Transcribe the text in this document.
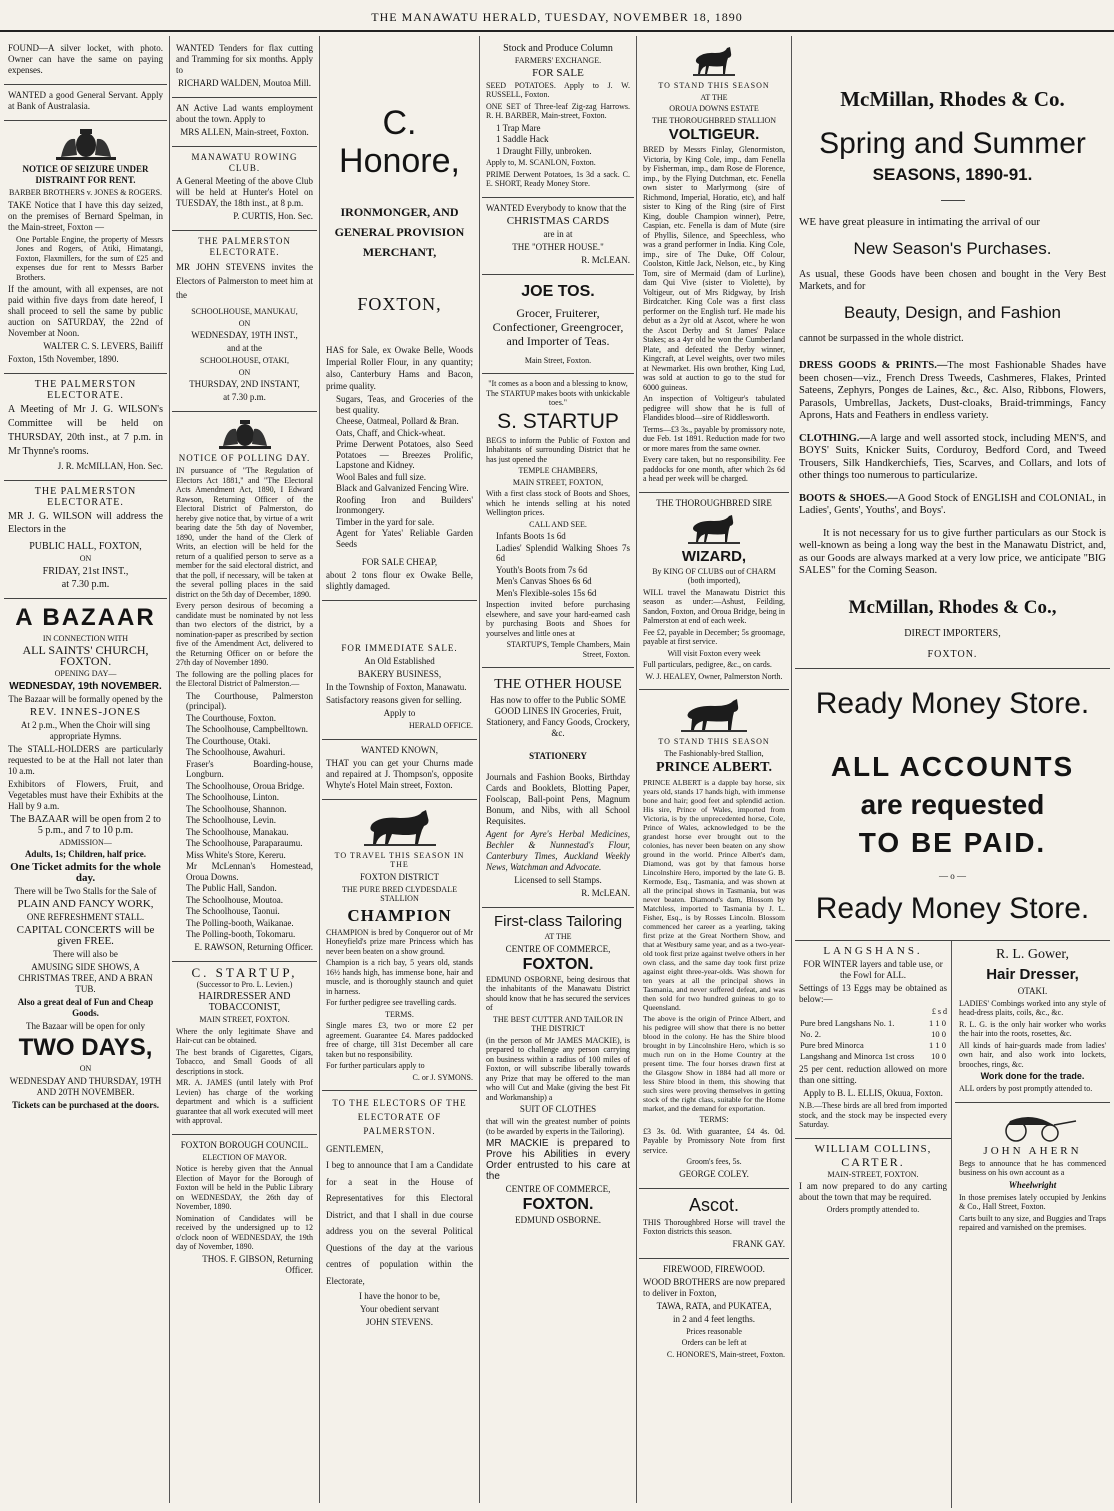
THE MANAWATU HERALD, TUESDAY, NOVEMBER 18, 1890

FOUND—A silver locket, with photo. Owner can have the same on paying expenses.

WANTED a good General Servant. Apply at Bank of Australasia.

NOTICE OF SEIZURE UNDER DISTRAINT FOR RENT.

BARBER BROTHERS v. JONES & ROGERS.

TAKE Notice that I have this day seized, on the premises of Bernard Spelman, in the Main-street, Foxton —

One Portable Engine, the property of Messrs Jones and Rogers, of Atiki, Himatangi, Foxton, Flaxmillers, for the sum of £25 and expenses due for rent to Messrs Barber Brothers.

If the amount, with all expenses, are not paid within five days from date hereof, I shall proceed to sell the same by public auction on SATURDAY, the 22nd of November at Noon.

WALTER C. S. LEVERS, Bailiff

Foxton, 15th November, 1890.

THE PALMERSTON ELECTORATE.

A Meeting of Mr J. G. WILSON's Committee will be held on THURSDAY, 20th inst., at 7 p.m. in Mr Thynne's rooms.

J. R. McMILLAN, Hon. Sec.

THE PALMERSTON ELECTORATE.

MR J. G. WILSON will address the Electors in the

PUBLIC HALL, FOXTON,

ON

FRIDAY, 21st INST.,

at 7.30 p.m.

A BAZAAR

IN CONNECTION WITH

ALL SAINTS' CHURCH, FOXTON.

OPENING DAY—

WEDNESDAY, 19th NOVEMBER.

The Bazaar will be formally opened by the

REV. INNES-JONES

At 2 p.m., When the Choir will sing appropriate Hymns.

The STALL-HOLDERS are particularly requested to be at the Hall not later than 10 a.m.

Exhibitors of Flowers, Fruit, and Vegetables must have their Exhibits at the Hall by 9 a.m.

The BAZAAR will be open from 2 to 5 p.m., and 7 to 10 p.m.

ADMISSION—

Adults, 1s; Children, half price.

One Ticket admits for the whole day.

There will be Two Stalls for the Sale of

PLAIN AND FANCY WORK,

ONE REFRESHMENT STALL.

CAPITAL CONCERTS will be given FREE.

There will also be

AMUSING SIDE SHOWS, A CHRISTMAS TREE, AND A BRAN TUB.

Also a great deal of Fun and Cheap Goods.

The Bazaar will be open for only

TWO DAYS,

ON

WEDNESDAY AND THURSDAY, 19TH AND 20TH NOVEMBER.

Tickets can be purchased at the doors.

WANTED Tenders for flax cutting and Tramming for six months. Apply to

RICHARD WALDEN, Moutoa Mill.

AN Active Lad wants employment about the town. Apply to

MRS ALLEN, Main-street, Foxton.

MANAWATU ROWING CLUB.

A General Meeting of the above Club will be held at Hunter's Hotel on TUESDAY, the 18th inst., at 8 p.m.

P. CURTIS, Hon. Sec.

THE PALMERSTON ELECTORATE.

MR JOHN STEVENS invites the Electors of Palmerston to meet him at the

SCHOOLHOUSE, MANUKAU,

ON

WEDNESDAY, 19TH INST.,

and at the

SCHOOLHOUSE, OTAKI,

ON

THURSDAY, 2ND INSTANT,

at 7.30 p.m.

NOTICE OF POLLING DAY.

IN pursuance of "The Regulation of Electors Act 1881," and "The Electoral Acts Amendment Act, 1890, I Edward Rawson, Returning Officer of the Electoral District of Palmerston, do hereby give notice that, by virtue of a writ bearing date the 5th day of November, 1890, under the hand of the Clerk of Writs, an election will be held for the return of a qualified person to serve as a member for the said electoral district, and that the poll, if necessary, will be taken at the several polling places in the said district on the 5th day of December, 1890.

Every person desirous of becoming a candidate must be nominated by not less than two electors of the district, by a nomination-paper as prescribed by section five of the Amendment Act, delivered to the Returning Officer on or before the 27th day of November 1890.

The following are the polling places for the Electoral District of Palmerston.—

The Courthouse, Palmerston (principal).

The Courthouse, Foxton.

The Schoolhouse, Campbelltown.

The Courthouse, Otaki.

The Schoolhouse, Awahuri.

Fraser's Boarding-house, Longburn.

The Schoolhouse, Oroua Bridge.

The Schoolhouse, Linton.

The Schoolhouse, Shannon.

The Schoolhouse, Levin.

The Schoolhouse, Manakau.

The Schoolhouse, Paraparaumu.

Miss White's Store, Kereru.

Mr McLennan's Homestead, Oroua Downs.

The Public Hall, Sandon.

The Schoolhouse, Moutoa.

The Schoolhouse, Taonui.

The Polling-booth, Waikanae.

The Polling-booth, Tokomaru.

E. RAWSON, Returning Officer.

C. STARTUP,

(Successor to Pro. L. Levien.)

HAIRDRESSER AND TOBACCONIST,

MAIN STREET, FOXTON.

Where the only legitimate Shave and Hair-cut can be obtained.

The best brands of Cigarettes, Cigars, Tobacco, and Small Goods of all descriptions in stock.

MR. A. JAMES (until lately with Prof Levien) has charge of the working department and which is a sufficient guarantee that all work executed will meet with approval.

FOXTON BOROUGH COUNCIL.

ELECTION OF MAYOR.

Notice is hereby given that the Annual Election of Mayor for the Borough of Foxton will be held in the Public Library on WEDNESDAY, the 26th day of November, 1890.

Nomination of Candidates will be received by the undersigned up to 12 o'clock noon of WEDNESDAY, the 19th day of November, 1890.

THOS. F. GIBSON, Returning Officer.

C. Honore,

IRONMONGER, AND GENERAL PROVISION MERCHANT,

FOXTON,

HAS for Sale, ex Owake Belle, Woods Imperial Roller Flour, in any quantity; also, Canterbury Hams and Bacon, prime quality.

Sugars, Teas, and Groceries of the best quality.

Cheese, Oatmeal, Pollard & Bran.

Oats, Chaff, and Chick-wheat.

Prime Derwent Potatoes, also Seed Potatoes — Breezes Prolific, Lapstone and Kidney.

Wool Bales and full size.

Black and Galvanized Fencing Wire.

Roofing Iron and Builders' Ironmongery.

Timber in the yard for sale.

Agent for Yates' Reliable Garden Seeds

FOR SALE CHEAP,

about 2 tons flour ex Owake Belle, slightly damaged.

FOR IMMEDIATE SALE.

An Old Established

BAKERY BUSINESS,

In the Township of Foxton, Manawatu.

Satisfactory reasons given for selling.

Apply to

HERALD OFFICE.

WANTED KNOWN,

THAT you can get your Churns made and repaired at J. Thompson's, opposite Whyte's Hotel Main street, Foxton.

TO TRAVEL THIS SEASON IN THE

FOXTON DISTRICT

THE PURE BRED CLYDESDALE STALLION

CHAMPION

CHAMPION is bred by Conqueror out of Mr Honeyfield's prize mare Princess which has never been beaten on a show ground.

Champion is a rich bay, 5 years old, stands 16½ hands high, has immense bone, hair and muscle, and is thoroughly staunch and quiet in harness.

For further pedigree see travelling cards.

TERMS.

Single mares £3, two or more £2 per agreement. Guarantee £4. Mares paddocked free of charge, till 31st December all care taken but no responsibility.

For further particulars apply to

C. or J. SYMONS.

TO THE ELECTORS OF THE ELECTORATE OF PALMERSTON.

GENTLEMEN,

I beg to announce that I am a Candidate for a seat in the House of Representatives for this Electoral District, and that I shall in due course address you on the several Political Questions of the day at the various centres of population within the Electorate,

I have the honor to be,

Your obedient servant

JOHN STEVENS.

Stock and Produce Column

FARMERS' EXCHANGE.

FOR SALE

SEED POTATOES. Apply to J. W. RUSSELL, Foxton.

ONE SET of Three-leaf Zig-zag Harrows. R. H. BARBER, Main-street, Foxton.

1 Trap Mare

1 Saddle Hack

1 Draught Filly, unbroken.

Apply to, M. SCANLON, Foxton.

PRIME Derwent Potatoes, 1s 3d a sack. C. E. SHORT, Ready Money Store.

WANTED Everybody to know that the

CHRISTMAS CARDS

are in at

THE "OTHER HOUSE."

R. McLEAN.

JOE TOS.

Grocer, Fruiterer, Confectioner, Greengrocer, and Importer of Teas.

Main Street, Foxton.

"It comes as a boon and a blessing to know, The STARTUP makes boots with unkickable toes."

S. STARTUP

BEGS to inform the Public of Foxton and Inhabitants of surrounding District that he has just opened the

TEMPLE CHAMBERS,

MAIN STREET, FOXTON,

With a first class stock of Boots and Shoes, which he intends selling at his noted Wellington prices.

CALL AND SEE.

Infants Boots 1s 6d

Ladies' Splendid Walking Shoes 7s 6d

Youth's Boots from 7s 6d

Men's Canvas Shoes 6s 6d

Men's Flexible-soles 15s 6d

Inspection invited before purchasing elsewhere, and save your hard-earned cash by purchasing Boots and Shoes for yourselves and little ones at

STARTUP'S, Temple Chambers, Main Street, Foxton.

THE OTHER HOUSE

Has now to offer to the Public SOME GOOD LINES IN Groceries, Fruit, Stationery, and Fancy Goods, Crockery, &c.

STATIONERY

Journals and Fashion Books, Birthday Cards and Booklets, Blotting Paper, Foolscap, Ball-point Pens, Magnum Bonum, and Nibs, with all School Requisites.

Agent for Ayre's Herbal Medicines, Bechler & Nunnestad's Flour, Canterbury Times, Auckland Weekly News, Watchman and Advocate.

Licensed to sell Stamps.

R. McLEAN.

First-class Tailoring

AT THE

CENTRE OF COMMERCE,

FOXTON.

EDMUND OSBORNE, being desirous that the inhabitants of the Manawatu District should know that he has secured the services of

THE BEST CUTTER AND TAILOR IN THE DISTRICT

(in the person of Mr JAMES MACKIE), is prepared to challenge any person carrying on business within a radius of 100 miles of Foxton, or will subscribe liberally towards any Prize that may be offered to the man who will Cut and Make (giving the best Fit and Workmanship) a

SUIT OF CLOTHES

that will win the greatest number of points (to be awarded by experts in the Tailoring).

MR MACKIE is prepared to Prove his Abilities in every Order entrusted to his care at the

CENTRE OF COMMERCE,

FOXTON.

EDMUND OSBORNE.

TO STAND THIS SEASON

AT THE

OROUA DOWNS ESTATE

THE THOROUGHBRED STALLION

VOLTIGEUR.

BRED by Messrs Finlay, Glenormiston, Victoria, by King Cole, imp., dam Fenella by Fisherman, imp., dam Rose de Florence, imp., by the Flying Dutchman, etc. Fenella own sister to Marlyrmong (sire of Richmond, Imperial, Horatio, etc), and half sister to King of the Ring (sire of First King, double Champion winner), Petre, Caspian, etc. Fenella is dam of Mute (sire of Phyllis, Silence, and Speechless, who was a grand performer in India. King Cole, imp., sire of The Duke, Off Colour, Coolston, Kittle Jack, Nelson, etc., by King Tom, sire of Mermaid (dam of Lurline), dam Qui Vive (sister to Violette), by Voltigeur, out of Mrs Ridgway, by Irish Birdcatcher. King Cole was a first class performer on the English turf. He made his debut as a 2yr old at Ascot, where he won the Ascot Derby and St James' Palace Stakes; as a 4yr old he won the Cumberland Plate, and defeated the Derby winner, Kingcraft, at Level weights, over two miles at Newmarket. His own brother, King Lud, was sold at auction to go to the stud for 6000 guineas.

An inspection of Voltigeur's tabulated pedigree will show that he is full of Flandides blood—sire of Riddlesworth.

Terms—£3 3s., payable by promissory note, due Feb. 1st 1891. Reduction made for two or more mares from the same owner.

Every care taken, but no responsibility. Fee paddocks for one month, after which 2s 6d a head per week will be charged.

THE THOROUGHBRED SIRE

WIZARD,

By KING OF CLUBS out of CHARM (both imported),

WILL travel the Manawatu District this season as under:—Ashust, Feilding, Sandon, Foxton, and Oroua Bridge, being in Palmerston at end of each week.

Fee £2, payable in December; 5s groomage, payable at first service.

Will visit Foxton every week

Full particulars, pedigree, &c., on cards.

W. J. HEALEY, Owner, Palmerston North.

TO STAND THIS SEASON

The Fashionably-bred Stallion,

PRINCE ALBERT.

PRINCE ALBERT is a dapple bay horse, six years old, stands 17 hands high, with immense bone and hair; good feet and splendid action. His sire, Prince of Wales, imported from Victoria, is by the unprecedented horse, Cole, Prince of Wales, acknowledged to be the grandest horse ever brought out to the colonies, has never been beaten on any show ground in the world. Prince Albert's dam, Diamond, was got by that famous horse Lincolnshire Hero, imported by the late G. B. Kermode, Esq., Tasmania, and was shown at all the principal shows in Tasmania, but was never beaten. Diamond's dam, Blossom by Matchless, imported to Tasmania by J. L. Fisher, Esq., is by Rosses Lincoln. Blossom commenced her career as a yearling, taking first prize at the Great Northern Show, and that at Westbury same year, and as a two-year-old took first prize against twelve others in her own class, and the same day took first prize against eight three-year-olds. Was shown for ten years at all the principal shows in Tasmania, and never suffered defeat, and was then sold for two hundred guineas to go to Queensland.

The above is the origin of Prince Albert, and his pedigree will show that there is no better blood in the colony. He has the Shire blood brought in by Lincolnshire Hero, which is so much run on in the Home Country at the present time. The four horses drawn first at the Glasgow Show in 1884 had all more or less Shire blood in them, this showing that such sires were proving themselves in getting stock of the right class, suitable for the Home market, and the demand for exportation.

TERMS:

£3 3s. 0d. With guarantee, £4 4s. 0d. Payable by Promissory Note from first service.

Groom's fees, 5s.

GEORGE COLEY.

Ascot.

THIS Thoroughbred Horse will travel the Foxton districts this season.

FRANK GAY.

FIREWOOD, FIREWOOD.

WOOD BROTHERS are now prepared to deliver in Foxton,

TAWA, RATA, and PUKATEA,

in 2 and 4 feet lengths.

Prices reasonable

Orders can be left at

C. HONORE'S, Main-street, Foxton.

McMillan, Rhodes & Co.

Spring and Summer

SEASONS, 1890-91.

WE have great pleasure in intimating the arrival of our

New Season's Purchases.

As usual, these Goods have been chosen and bought in the Very Best Markets, and for

Beauty, Design, and Fashion

cannot be surpassed in the whole district.

DRESS GOODS & PRINTS.—The most Fashionable Shades have been chosen—viz., French Dress Tweeds, Cashmeres, Flakes, Printed Sateens, Zephyrs, Ponges de Laines, &c., &c. Also, Ribbons, Flowers, Parasols, Umbrellas, Jackets, Dust-cloaks, Braid-trimmings, Fancy Aprons, Hats and Feathers in endless variety.

CLOTHING.—A large and well assorted stock, including MEN'S, and BOYS' Suits, Knicker Suits, Corduroy, Bedford Cord, and Tweed Trousers, Silk Handkerchiefs, Ties, Scarves, and Collars, and lots of other things too numerous to particularize.

BOOTS & SHOES.—A Good Stock of ENGLISH and COLONIAL, in Ladies', Gents', Youths', and Boys'.

It is not necessary for us to give further particulars as our Stock is well-known as being a long way the best in the Manawatu District, and, as our Goods are always marked at a very low price, we anticipate "BIG SALES" for the Coming Season.

McMillan, Rhodes & Co.,

DIRECT IMPORTERS,

FOXTON.

Ready Money Store.

ALL ACCOUNTS

are requested

TO BE PAID.

— o —

Ready Money Store.

LANGSHANS.

FOR WINTER layers and table use, or the Fowl for ALL.

Settings of 13 Eggs may be obtained as below:—

£ s d

Pure bred Langshans No. 1.	1 1 0
No. 2.	10 0
Pure bred Minorca	1 1 0
Langshang and Minorca 1st cross	10 0

25 per cent. reduction allowed on more than one sitting.

Apply to B. L. ELLIS, Okuua, Foxton.

N.B.—These birds are all bred from imported stock, and the stock may be inspected every Saturday.

WILLIAM COLLINS,

CARTER.

MAIN-STREET, FOXTON.

I am now prepared to do any carting about the town that may be required.

Orders promptly attended to.

R. L. Gower,

Hair Dresser,

OTAKI.

LADIES' Combings worked into any style of head-dress plaits, coils, &c., &c.

R. L. G. is the only hair worker who works the hair into the roots, rosettes, &c.

All kinds of hair-guards made from ladies' own hair, and also work into lockets, brooches, rings, &c.

Work done for the trade.

ALL orders by post promptly attended to.

JOHN AHERN

Begs to announce that he has commenced business on his own account as a

Wheelwright

In those premises lately occupied by Jenkins & Co., Hall Street, Foxton.

Carts built to any size, and Buggies and Traps repaired and varnished on the premises.
